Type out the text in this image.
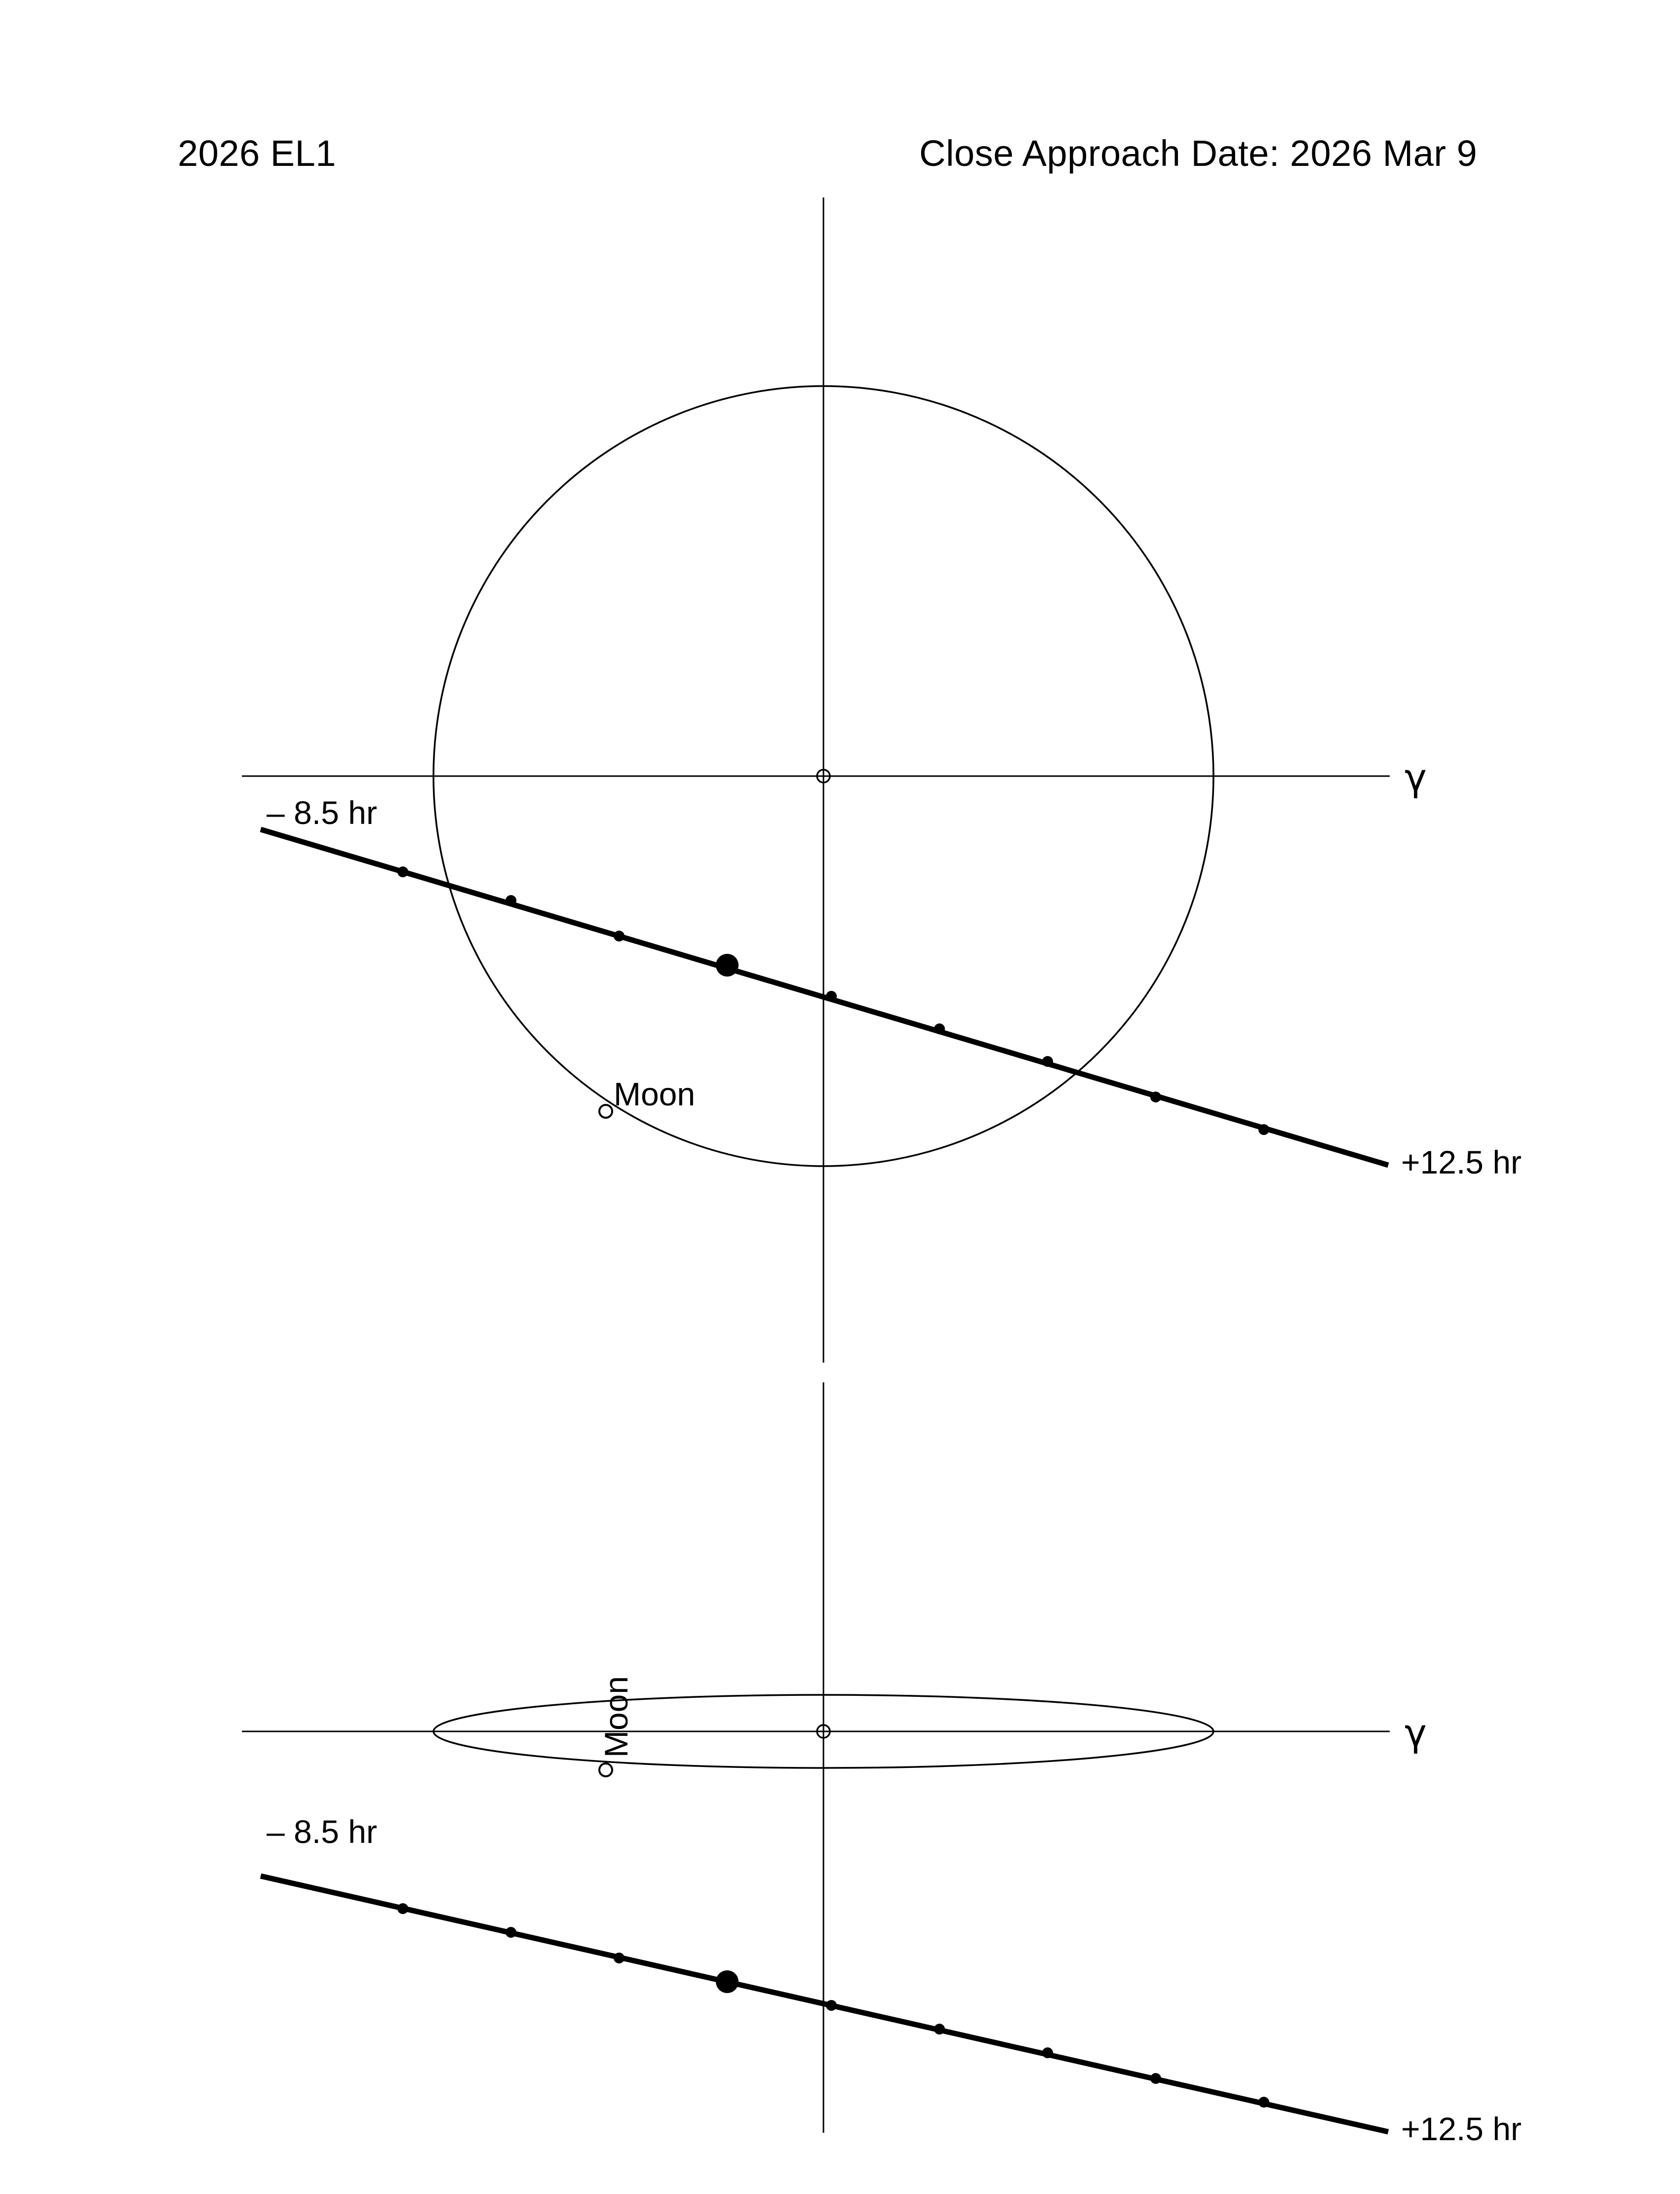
2026 EL1	Close Approach Date: 2026 Mar 9
γ
– 8.5 hr
+12.5 hr
Moon
γ
– 8.5 hr
+12.5 hr
Moon
